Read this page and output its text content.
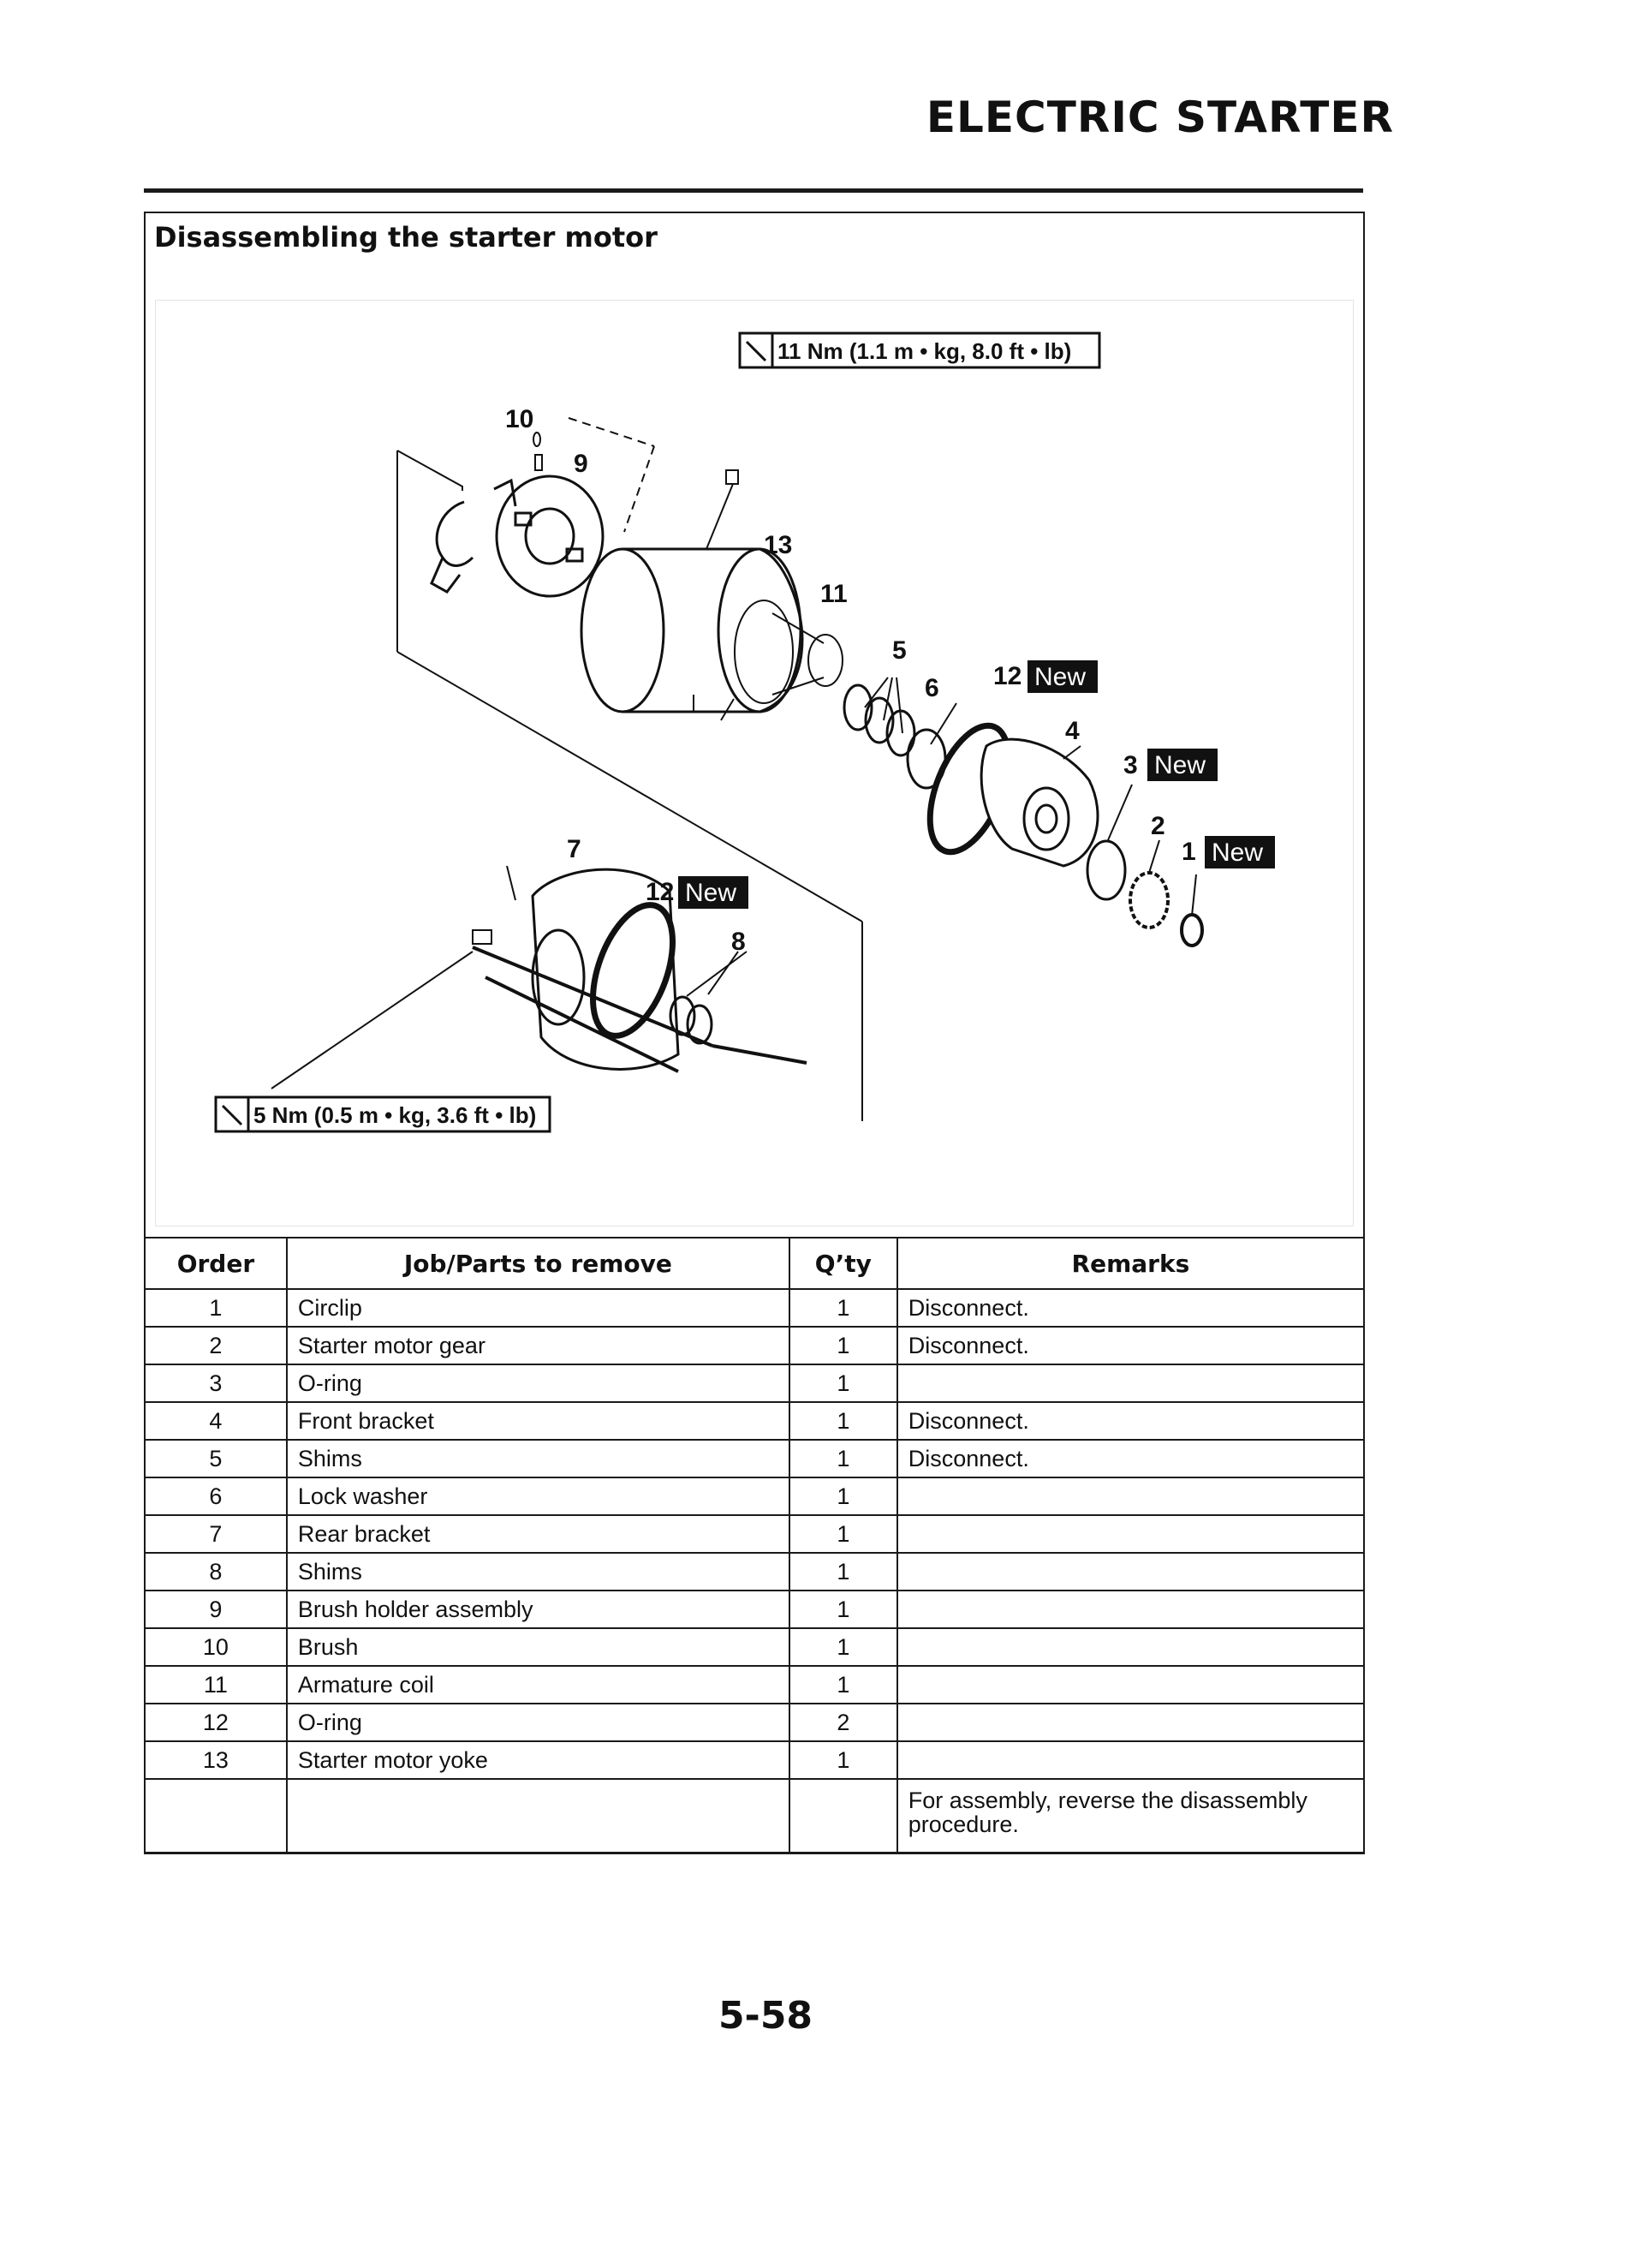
ELECTRIC STARTER
Disassembling the starter motor
11 Nm (1.1 m • kg, 8.0 ft • lb)
5 Nm (0.5 m • kg, 3.6 ft • lb)
10
9
13
11
5
6 12 New
4
3 New
2
1 New
7
12 New
8
Order	Job/Parts to remove	Q’ty	Remarks
1	Circlip	1	Disconnect.
2	Starter motor gear	1	Disconnect.
3	O-ring	1	
4	Front bracket	1	Disconnect.
5	Shims	1	Disconnect.
6	Lock washer	1	
7	Rear bracket	1	
8	Shims	1	
9	Brush holder assembly	1	
10	Brush	1	
11	Armature coil	1	
12	O-ring	2	
13	Starter motor yoke	1	
			For assembly, reverse the disassembly procedure.
5-58
